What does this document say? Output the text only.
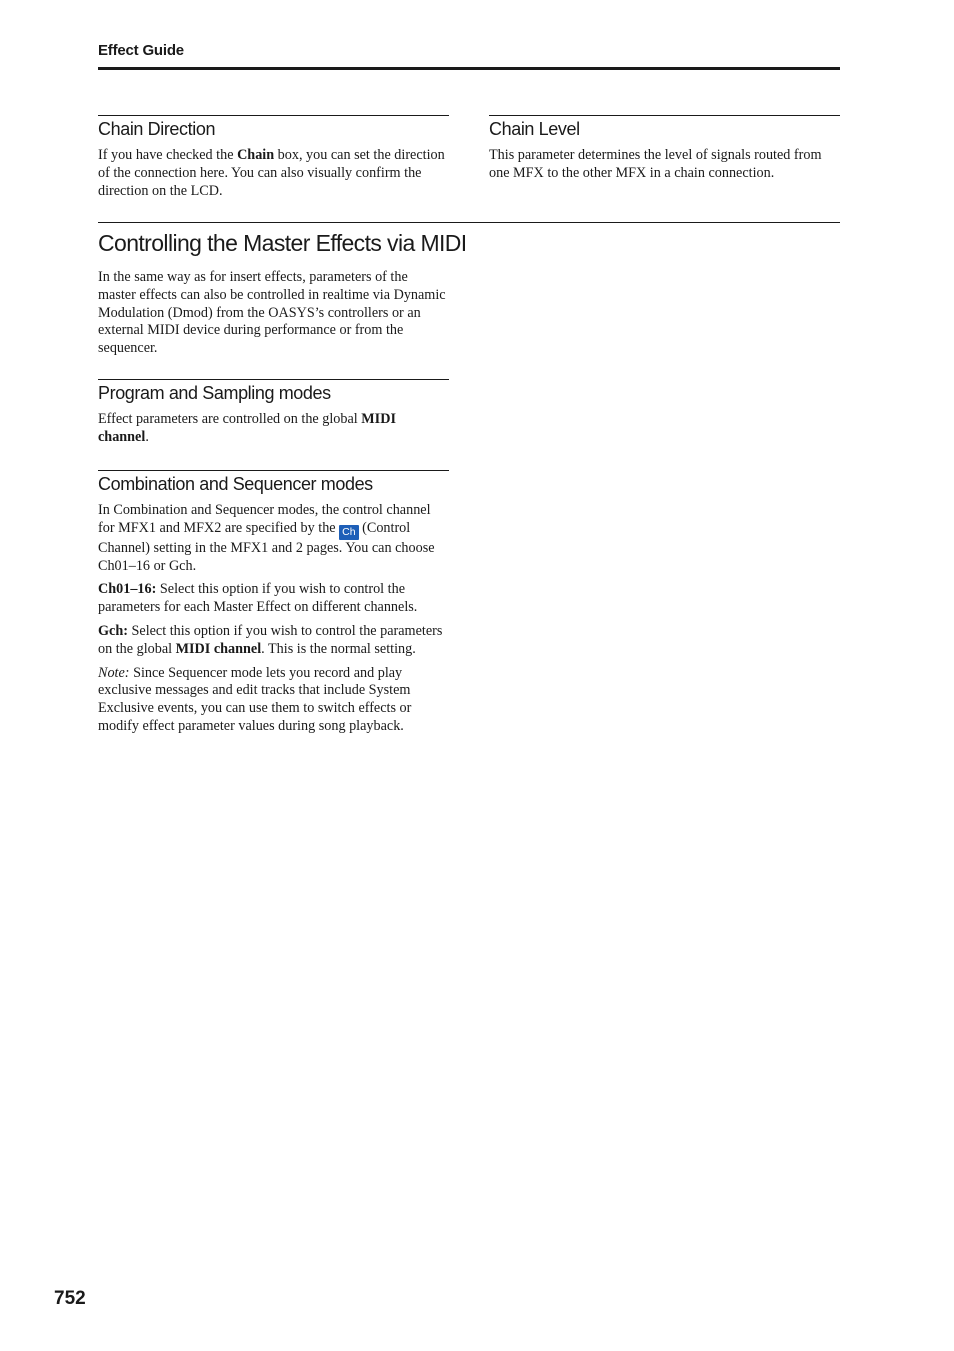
Effect Guide
Chain Direction

If you have checked the Chain box, you can set the direction of the connection here. You can also visually confirm the direction on the LCD.

Chain Level

This parameter determines the level of signals routed from one MFX to the other MFX in a chain connection.

Controlling the Master Effects via MIDI

In the same way as for insert effects, parameters of the master effects can also be controlled in realtime via Dynamic Modulation (Dmod) from the OASYS’s controllers or an external MIDI device during performance or from the sequencer.

Program and Sampling modes

Effect parameters are controlled on the global MIDI channel.

Combination and Sequencer modes

In Combination and Sequencer modes, the control channel for MFX1 and MFX2 are specified by the Ch (Control Channel) setting in the MFX1 and 2 pages. You can choose Ch01–16 or Gch.

Ch01–16: Select this option if you wish to control the parameters for each Master Effect on different channels.

Gch: Select this option if you wish to control the parameters on the global MIDI channel. This is the normal setting.

Note: Since Sequencer mode lets you record and play exclusive messages and edit tracks that include System Exclusive events, you can use them to switch effects or modify effect parameter values during song playback.

752
